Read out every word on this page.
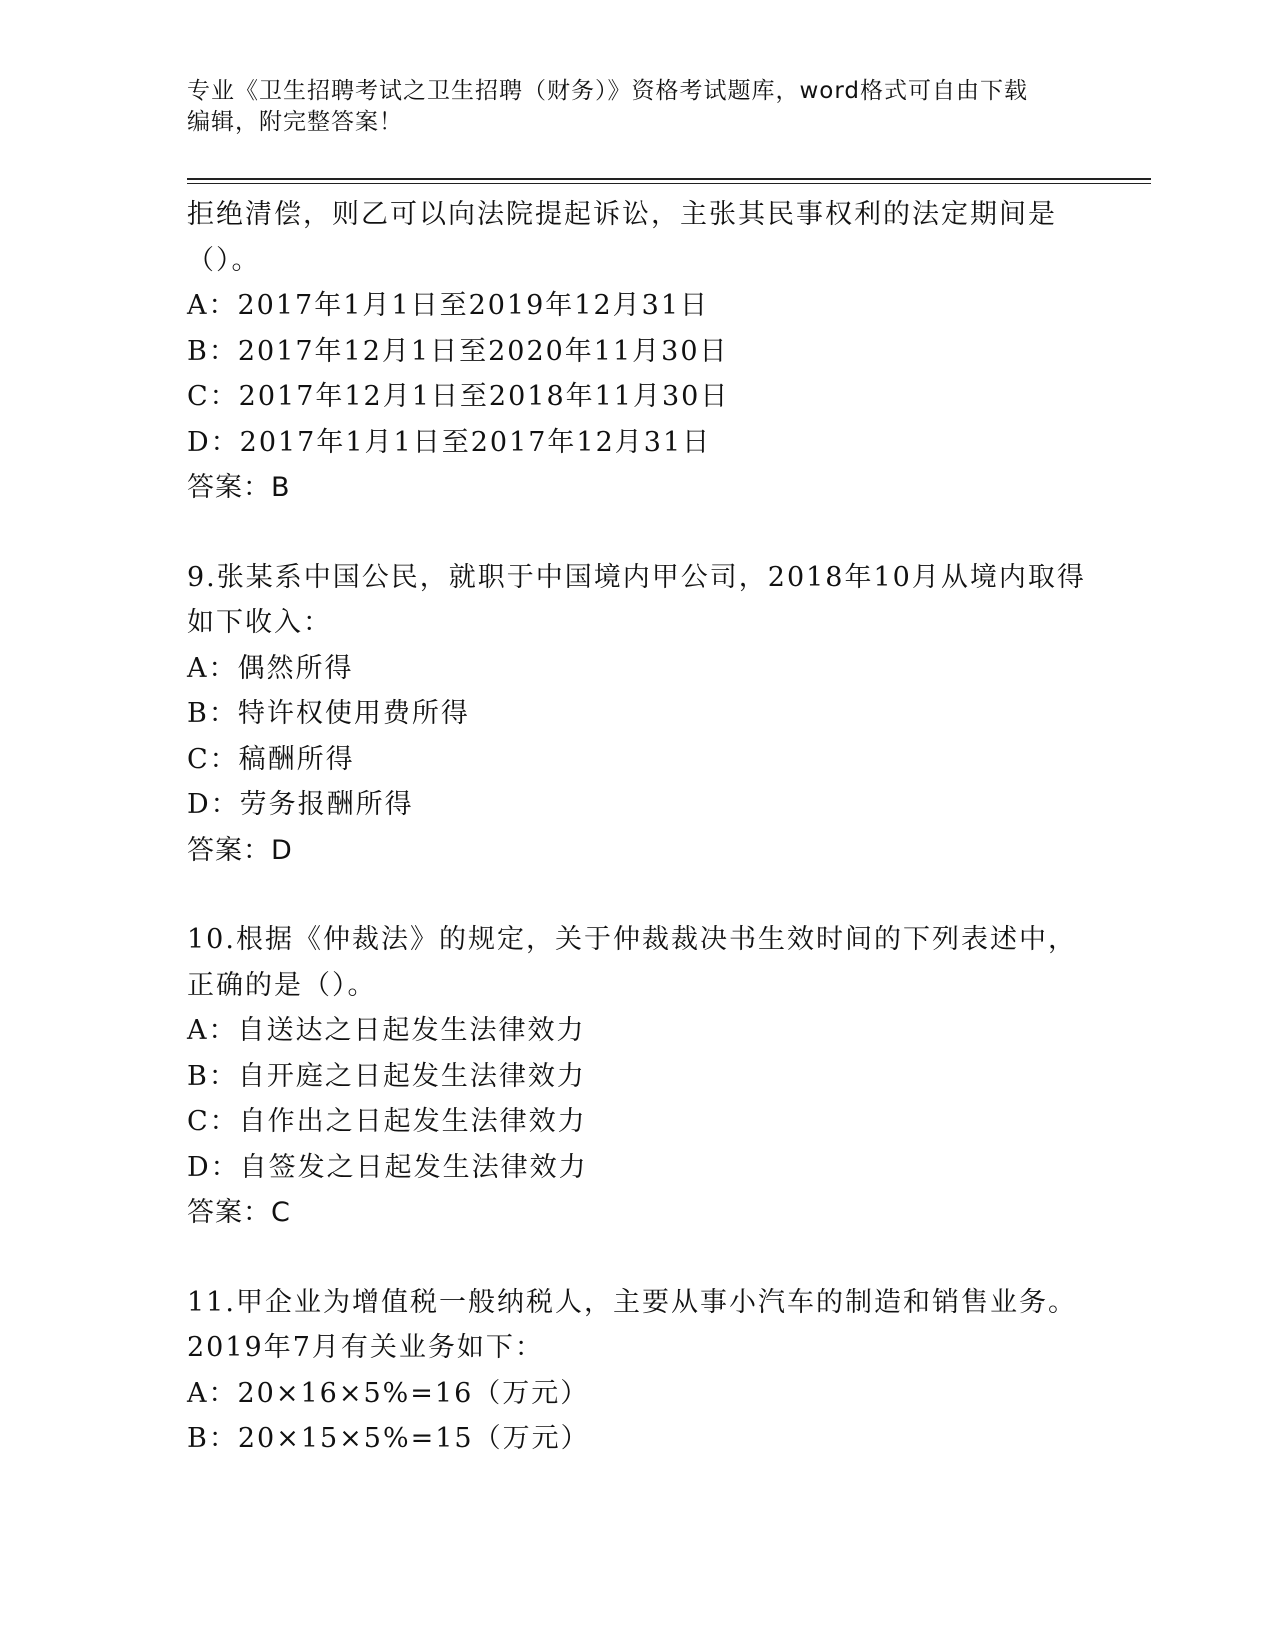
专业《卫生招聘考试之卫生招聘（财务）》资格考试题库，word格式可自由下载
编辑，附完整答案！
拒绝清偿，则乙可以向法院提起诉讼，主张其民事权利的法定期间是
（）。
A：2017年1月1日至2019年12月31日
B：2017年12月1日至2020年11月30日
C：2017年12月1日至2018年11月30日
D：2017年1月1日至2017年12月31日
答案：B
9.张某系中国公民，就职于中国境内甲公司，2018年10月从境内取得
如下收入：
A：偶然所得
B：特许权使用费所得
C：稿酬所得
D：劳务报酬所得
答案：D
10.根据《仲裁法》的规定，关于仲裁裁决书生效时间的下列表述中，
正确的是（）。
A：自送达之日起发生法律效力
B：自开庭之日起发生法律效力
C：自作出之日起发生法律效力
D：自签发之日起发生法律效力
答案：C
11.甲企业为增值税一般纳税人，主要从事小汽车的制造和销售业务。
2019年7月有关业务如下：
A：20×16×5%=16（万元）
B：20×15×5%=15（万元）
